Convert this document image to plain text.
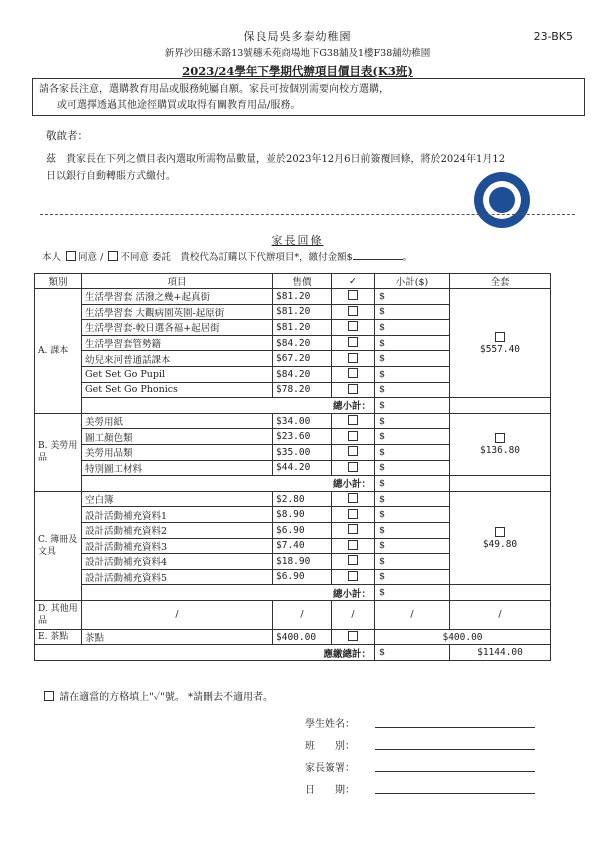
23-BK5
保良局吳多泰幼稚園
新界沙田穗禾路13號穗禾苑商場地下G38舖及1樓F38舖幼稚園
2023/24學年下學期代辦項目價目表(K3班)
請各家長注意，選購教育用品或服務純屬自願。家長可按個別需要向校方選購，
或可選擇透過其他途徑購買或取得有關教育用品/服務。
敬啟者：
茲　貴家長在下列之價目表內選取所需物品數量，並於2023年12月6日前簽覆回條，將於2024年1月12日以銀行自動轉賬方式繳付。
家長回條
本人 同意 / 不同意 委託　貴校代為訂購以下代辦項目*，繳付金額$	。
類別	項目	售價	✓	小計($)	全套
A. 課本	生活學習套 活潑之幾+起真街	$81.20		$	$557.40
	生活學習套 大觀病園英園-起原街	$81.20		$	
	生活學習套-較日選各福+起居街	$81.20		$	
	生活學習套管勢籍	$84.20		$	
	幼兒來河普通話課本	$67.20		$	
	Get Set Go Pupil	$84.20		$	
	Get Set Go Phonics	$78.20		$	
	總小計：			$	
B. 美勞用品	美勞用紙	$34.00		$	$136.80
	圖工顏色類	$23.60		$	
	美勞用品類	$35.00		$	
	特別圖工材料	$44.20		$	
	總小計：			$	
C. 簿冊及文具	空白簿	$2.80		$	$49.80
	設計活動補充資料1	$8.90		$	
	設計活動補充資料2	$6.90		$	
	設計活動補充資料3	$7.40		$	
	設計活動補充資料4	$18.90		$	
	設計活動補充資料5	$6.90		$	
	總小計：			$	
D. 其他用品	/	/	/	/	/
E. 茶點	茶點	$400.00		$400.00	
應繳總計：				$	$1144.00
請在適當的方格填上"✓"號。 *請刪去不適用者。
學生姓名：
班　　別：
家長簽署：
日　　期：
